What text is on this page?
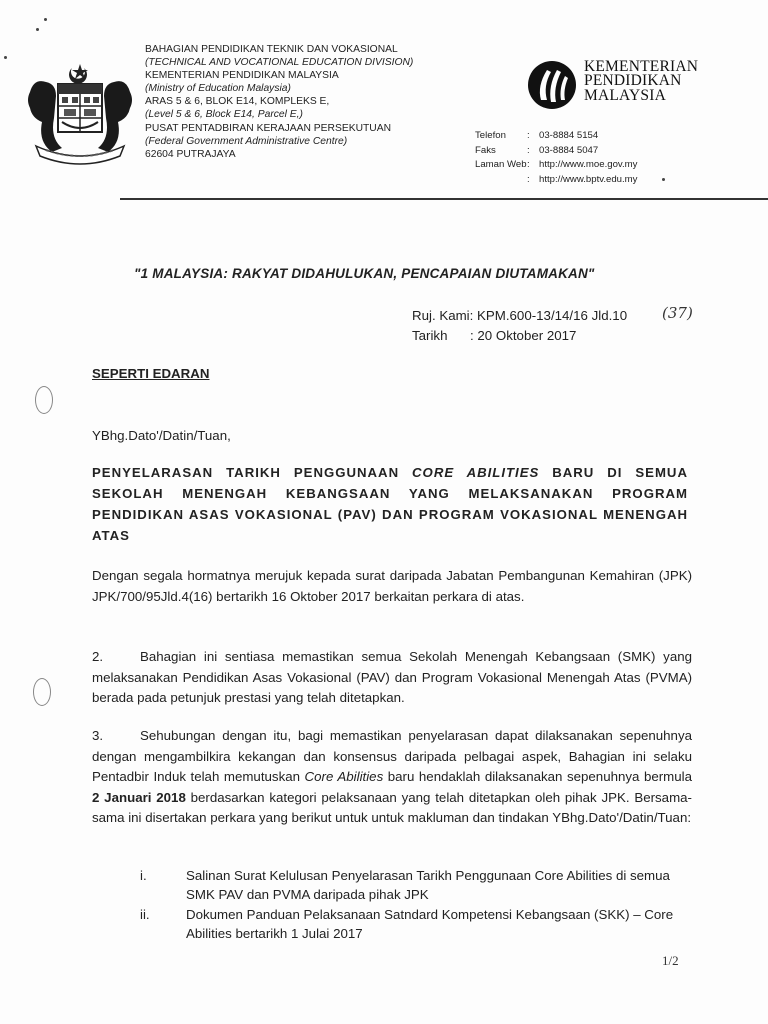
BAHAGIAN PENDIDIKAN TEKNIK DAN VOKASIONAL
(TECHNICAL AND VOCATIONAL EDUCATION DIVISION)
KEMENTERIAN PENDIDIKAN MALAYSIA
(Ministry of Education Malaysia)
ARAS 5 & 6, BLOK E14, KOMPLEKS E,
(Level 5 & 6, Block E14, Parcel E,)
PUSAT PENTADBIRAN KERAJAAN PERSEKUTUAN
(Federal Government Administrative Centre)
62604 PUTRAJAYA
KEMENTERIAN
PENDIDIKAN
MALAYSIA
Telefon	: 03-8884 5154
Faks	: 03-8884 5047
Laman Web : http://www.moe.gov.my
: http://www.bptv.edu.my
"1 MALAYSIA: RAKYAT DIDAHULUKAN, PENCAPAIAN DIUTAMAKAN"
Ruj. Kami : KPM.600-13/14/16 Jld.10
Tarikh	: 20 Oktober 2017
(37)
SEPERTI EDARAN
YBhg.Dato'/Datin/Tuan,
PENYELARASAN TARIKH PENGGUNAAN CORE ABILITIES BARU DI SEMUA SEKOLAH MENENGAH KEBANGSAAN YANG MELAKSANAKAN PROGRAM PENDIDIKAN ASAS VOKASIONAL (PAV) DAN PROGRAM VOKASIONAL MENENGAH ATAS
Dengan segala hormatnya merujuk kepada surat daripada Jabatan Pembangunan Kemahiran (JPK) JPK/700/95Jld.4(16) bertarikh 16 Oktober 2017 berkaitan perkara di atas.
2.	Bahagian ini sentiasa memastikan semua Sekolah Menengah Kebangsaan (SMK) yang melaksanakan Pendidikan Asas Vokasional (PAV) dan Program Vokasional Menengah Atas (PVMA) berada pada petunjuk prestasi yang telah ditetapkan.
3.	Sehubungan dengan itu, bagi memastikan penyelarasan dapat dilaksanakan sepenuhnya dengan mengambilkira kekangan dan konsensus daripada pelbagai aspek, Bahagian ini selaku Pentadbir Induk telah memutuskan Core Abilities baru hendaklah dilaksanakan sepenuhnya bermula 2 Januari 2018 berdasarkan kategori pelaksanaan yang telah ditetapkan oleh pihak JPK. Bersama-sama ini disertakan perkara yang berikut untuk untuk makluman dan tindakan YBhg.Dato'/Datin/Tuan:
i.	Salinan Surat Kelulusan Penyelarasan Tarikh Penggunaan Core Abilities di semua SMK PAV dan PVMA daripada pihak JPK
ii.	Dokumen Panduan Pelaksanaan Satndard Kompetensi Kebangsaan (SKK) – Core Abilities bertarikh 1 Julai 2017
1/2
